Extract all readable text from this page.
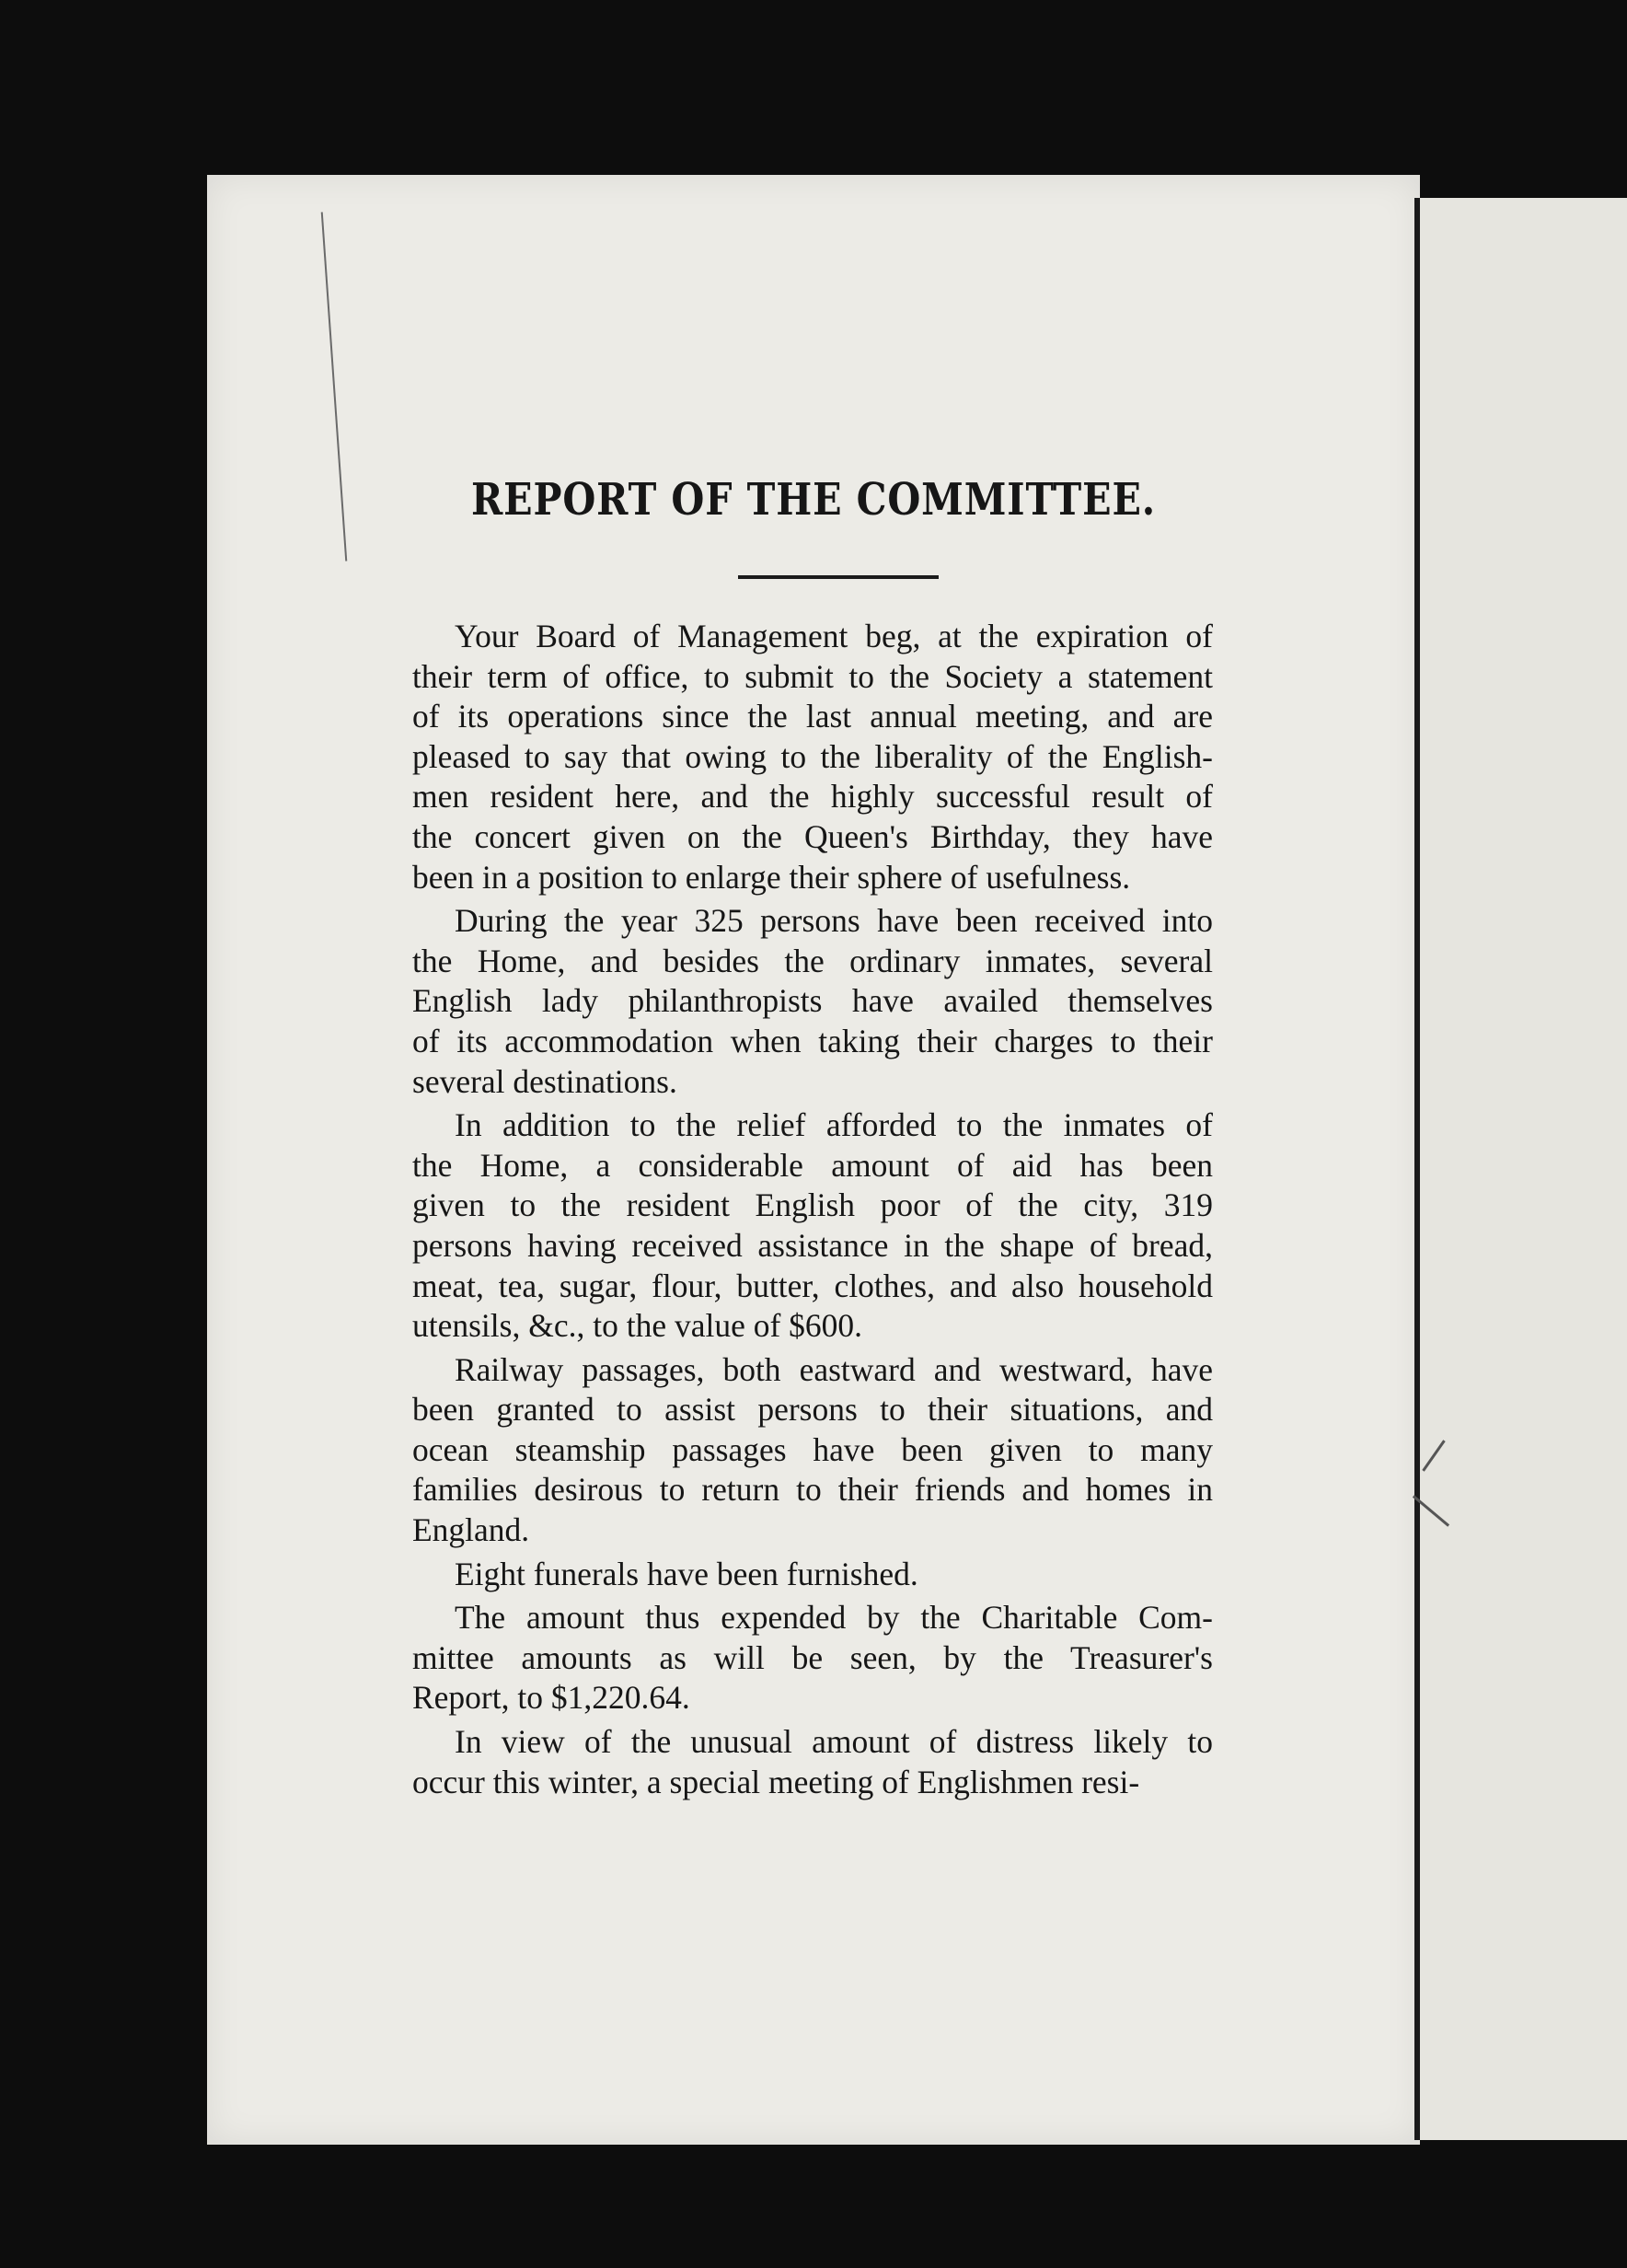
REPORT OF THE COMMITTEE.
Your Board of Management beg, at the expiration of
their term of office, to submit to the Society a statement
of its operations since the last annual meeting, and are
pleased to say that owing to the liberality of the English-
men resident here, and the highly successful result of
the concert given on the Queen's Birthday, they have
been in a position to enlarge their sphere of usefulness.
During the year 325 persons have been received into
the Home, and besides the ordinary inmates, several
English lady philanthropists have availed themselves
of its accommodation when taking their charges to their
several destinations.
In addition to the relief afforded to the inmates of
the Home, a considerable amount of aid has been
given to the resident English poor of the city, 319
persons having received assistance in the shape of bread,
meat, tea, sugar, flour, butter, clothes, and also household
utensils, &c., to the value of $600.
Railway passages, both eastward and westward, have
been granted to assist persons to their situations, and
ocean steamship passages have been given to many
families desirous to return to their friends and homes in
England.
Eight funerals have been furnished.
The amount thus expended by the Charitable Com-
mittee amounts as will be seen, by the Treasurer's
Report, to $1,220.64.
In view of the unusual amount of distress likely to
occur this winter, a special meeting of Englishmen resi-
